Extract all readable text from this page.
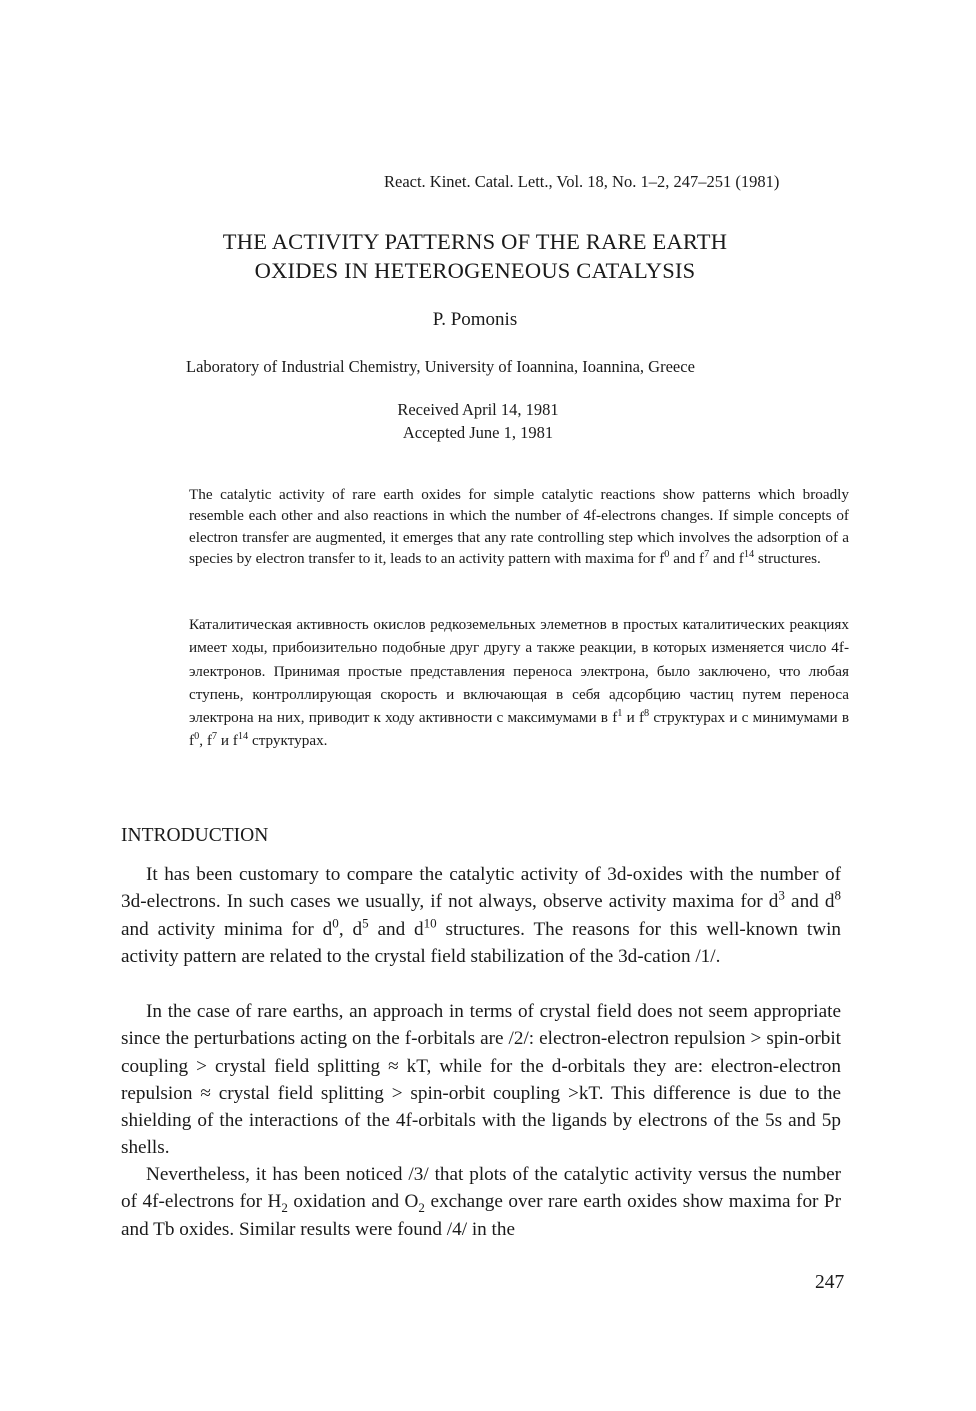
React. Kinet. Catal. Lett., Vol. 18, No. 1–2, 247–251 (1981)
THE ACTIVITY PATTERNS OF THE RARE EARTH
OXIDES IN HETEROGENEOUS CATALYSIS
P. Pomonis
Laboratory of Industrial Chemistry, University of Ioannina, Ioannina, Greece
Received April 14, 1981
Accepted June 1, 1981

The catalytic activity of rare earth oxides for simple catalytic reactions show patterns which broadly resemble each other and also reactions in which the number of 4f-electrons changes. If simple concepts of electron transfer are augmented, it emerges that any rate controlling step which involves the adsorption of a species by electron transfer to it, leads to an activity pattern with maxima for $f^0$ and $f^7$ and $f^{14}$ structures.

Каталитическая активность окислов редкоземельных элеметнов в простых каталитических реакциях имеет ходы, прибоизительно подобные друг другу а также реакции, в которых изменяется число 4f-электронов. Принимая простые представления переноса электрона, было заключено, что любая ступень, контроллирующая скорость и включающая в себя адсорбцию частиц путем переноса электрона на них, приводит к ходу активности с максимумами в $f^1$ и $f^8$ структурах и с минимумами в $f^0$, $f^7$ и $f^{14}$ структурах.

INTRODUCTION

It has been customary to compare the catalytic activity of 3d-oxides with the number of 3d-electrons. In such cases we usually, if not always, observe activity maxima for $d^3$ and $d^8$ and activity minima for $d^0$, $d^5$ and $d^{10}$ structures. The reasons for this well-known twin activity pattern are related to the crystal field stabilization of the 3d-cation /1/.

In the case of rare earths, an approach in terms of crystal field does not seem appropriate since the perturbations acting on the f-orbitals are /2/: electron-electron repulsion > spin-orbit coupling > crystal field splitting ≈ kT, while for the d-orbitals they are: electron-electron repulsion ≈ crystal field splitting > spin-orbit coupling >kT. This difference is due to the shielding of the interactions of the 4f-orbitals with the ligands by electrons of the 5s and 5p shells.

Nevertheless, it has been noticed /3/ that plots of the catalytic activity versus the number of 4f-electrons for $H_2$ oxidation and $O_2$ exchange over rare earth oxides show maxima for Pr and Tb oxides. Similar results were found /4/ in the

247
